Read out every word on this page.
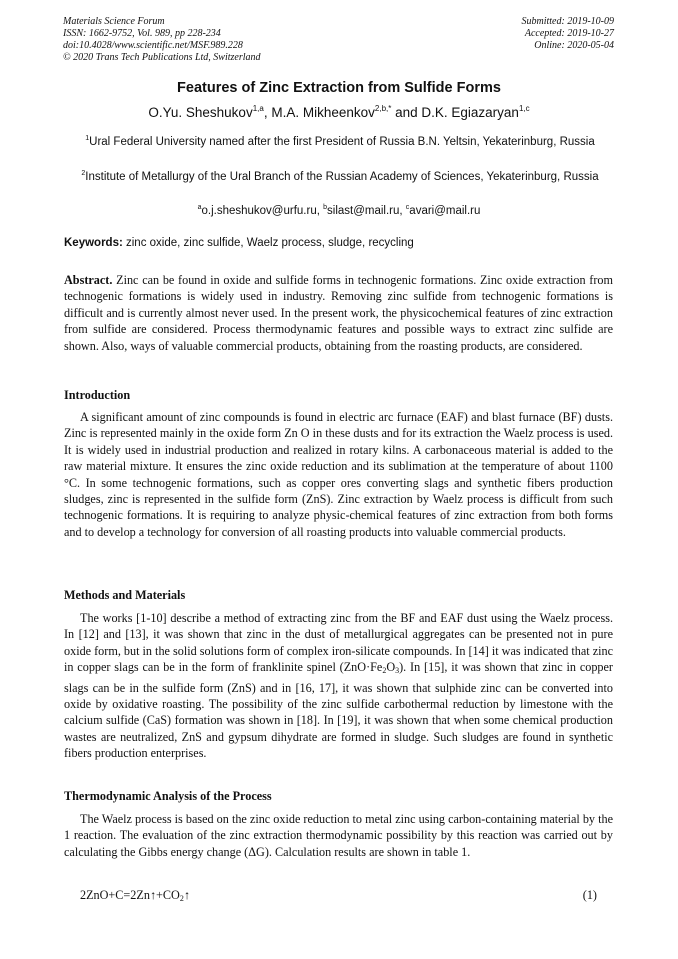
Materials Science Forum
ISSN: 1662-9752, Vol. 989, pp 228-234
doi:10.4028/www.scientific.net/MSF.989.228
© 2020 Trans Tech Publications Ltd, Switzerland
Submitted: 2019-10-09
Accepted: 2019-10-27
Online: 2020-05-04
Features of Zinc Extraction from Sulfide Forms
O.Yu. Sheshukov$^{1,a}$, M.A. Mikheenkov$^{2,b,*}$ and D.K. Egiazaryan$^{1,c}$
$^1$Ural Federal University named after the first President of Russia B.N. Yeltsin, Yekaterinburg, Russia
$^2$Institute of Metallurgy of the Ural Branch of the Russian Academy of Sciences, Yekaterinburg, Russia
$^a$o.j.sheshukov@urfu.ru, $^b$silast@mail.ru, $^c$avari@mail.ru
Keywords: zinc oxide, zinc sulfide, Waelz process, sludge, recycling
Abstract. Zinc can be found in oxide and sulfide forms in technogenic formations. Zinc oxide extraction from technogenic formations is widely used in industry. Removing zinc sulfide from technogenic formations is difficult and is currently almost never used. In the present work, the physicochemical features of zinc extraction from sulfide are considered. Process thermodynamic features and possible ways to extract zinc sulfide are shown. Also, ways of valuable commercial products, obtaining from the roasting products, are considered.
Introduction
A significant amount of zinc compounds is found in electric arc furnace (EAF) and blast furnace (BF) dusts. Zinc is represented mainly in the oxide form Zn O in these dusts and for its extraction the Waelz process is used. It is widely used in industrial production and realized in rotary kilns. A carbonaceous material is added to the raw material mixture. It ensures the zinc oxide reduction and its sublimation at the temperature of about 1100 °C. In some technogenic formations, such as copper ores converting slags and synthetic fibers production sludges, zinc is represented in the sulfide form (ZnS). Zinc extraction by Waelz process is difficult from such technogenic formations. It is requiring to analyze physic-chemical features of zinc extraction from both forms and to develop a technology for conversion of all roasting products into valuable commercial products.
Methods and Materials
The works [1-10] describe a method of extracting zinc from the BF and EAF dust using the Waelz process. In [12] and [13], it was shown that zinc in the dust of metallurgical aggregates can be presented not in pure oxide form, but in the solid solutions form of complex iron-silicate compounds. In [14] it was indicated that zinc in copper slags can be in the form of franklinite spinel $(ZnO\cdot Fe_2O_3)$. In [15], it was shown that zinc in copper slags can be in the sulfide form (ZnS) and in [16, 17], it was shown that sulphide zinc can be converted into oxide by oxidative roasting. The possibility of the zinc sulfide carbothermal reduction by limestone with the calcium sulfide (CaS) formation was shown in [18]. In [19], it was shown that when some chemical production wastes are neutralized, ZnS and gypsum dihydrate are formed in sludge. Such sludges are found in synthetic fibers production enterprises.
Thermodynamic Analysis of the Process
The Waelz process is based on the zinc oxide reduction to metal zinc using carbon-containing material by the 1 reaction. The evaluation of the zinc extraction thermodynamic possibility by this reaction was carried out by calculating the Gibbs energy change (ΔG). Calculation results are shown in table 1.
$2ZnO+C=2Zn↑+CO_2↑$	(1)
